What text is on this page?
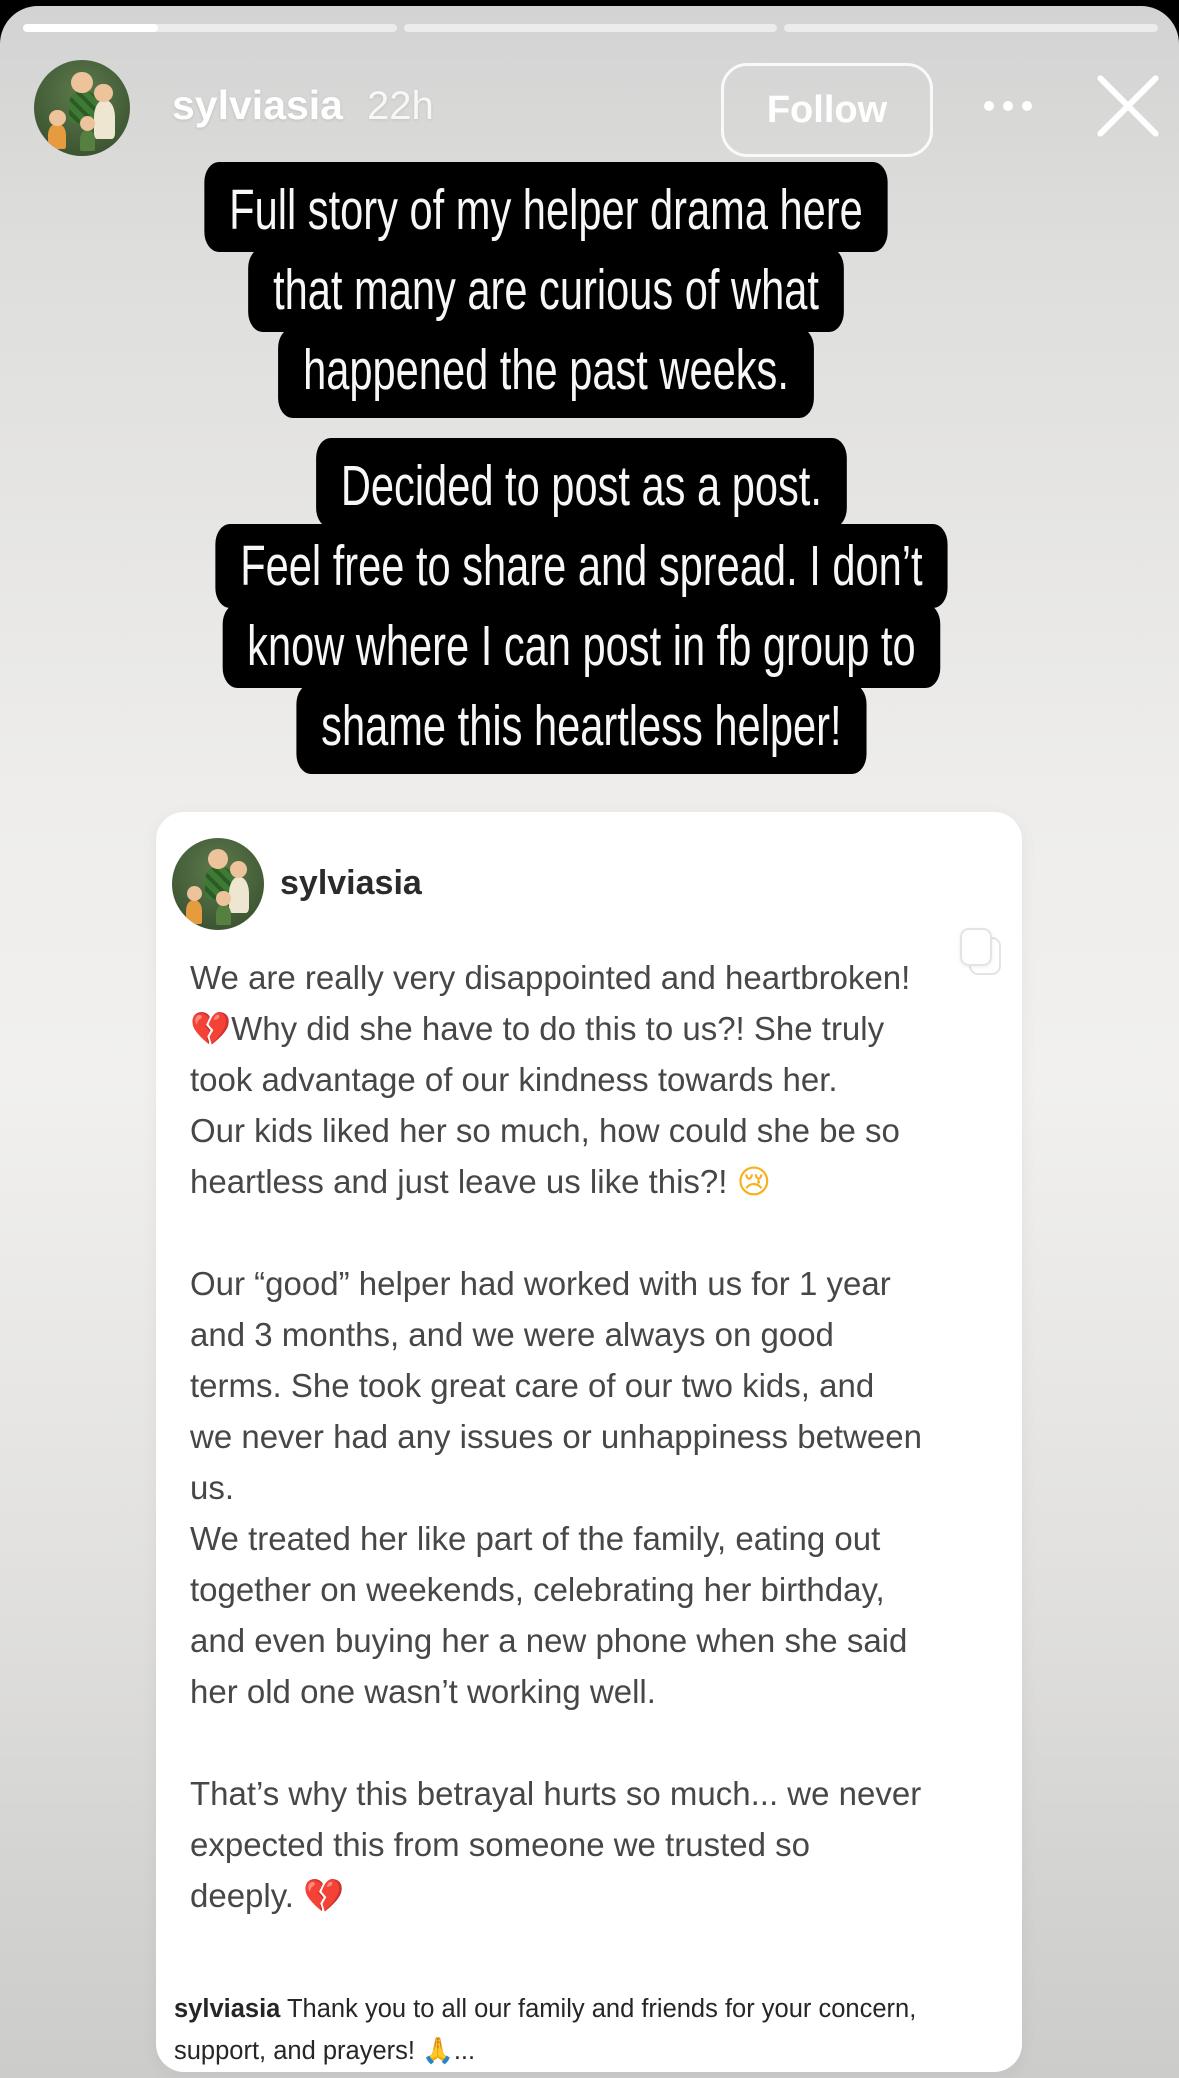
sylviasia 22h	Follow
Full story of my helper drama here
that many are curious of what
happened the past weeks.
Decided to post as a post.
Feel free to share and spread. I don’t
know where I can post in fb group to
shame this heartless helper!
sylviasia
We are really very disappointed and heartbroken!
💔Why did she have to do this to us?! She truly
took advantage of our kindness towards her.
Our kids liked her so much, how could she be so
heartless and just leave us like this?! 😢
Our “good” helper had worked with us for 1 year
and 3 months, and we were always on good
terms. She took great care of our two kids, and
we never had any issues or unhappiness between
us.
We treated her like part of the family, eating out
together on weekends, celebrating her birthday,
and even buying her a new phone when she said
her old one wasn’t working well.
That’s why this betrayal hurts so much... we never
expected this from someone we trusted so
deeply. 💔
sylviasia Thank you to all our family and friends for your concern,
support, and prayers! 🙏...
